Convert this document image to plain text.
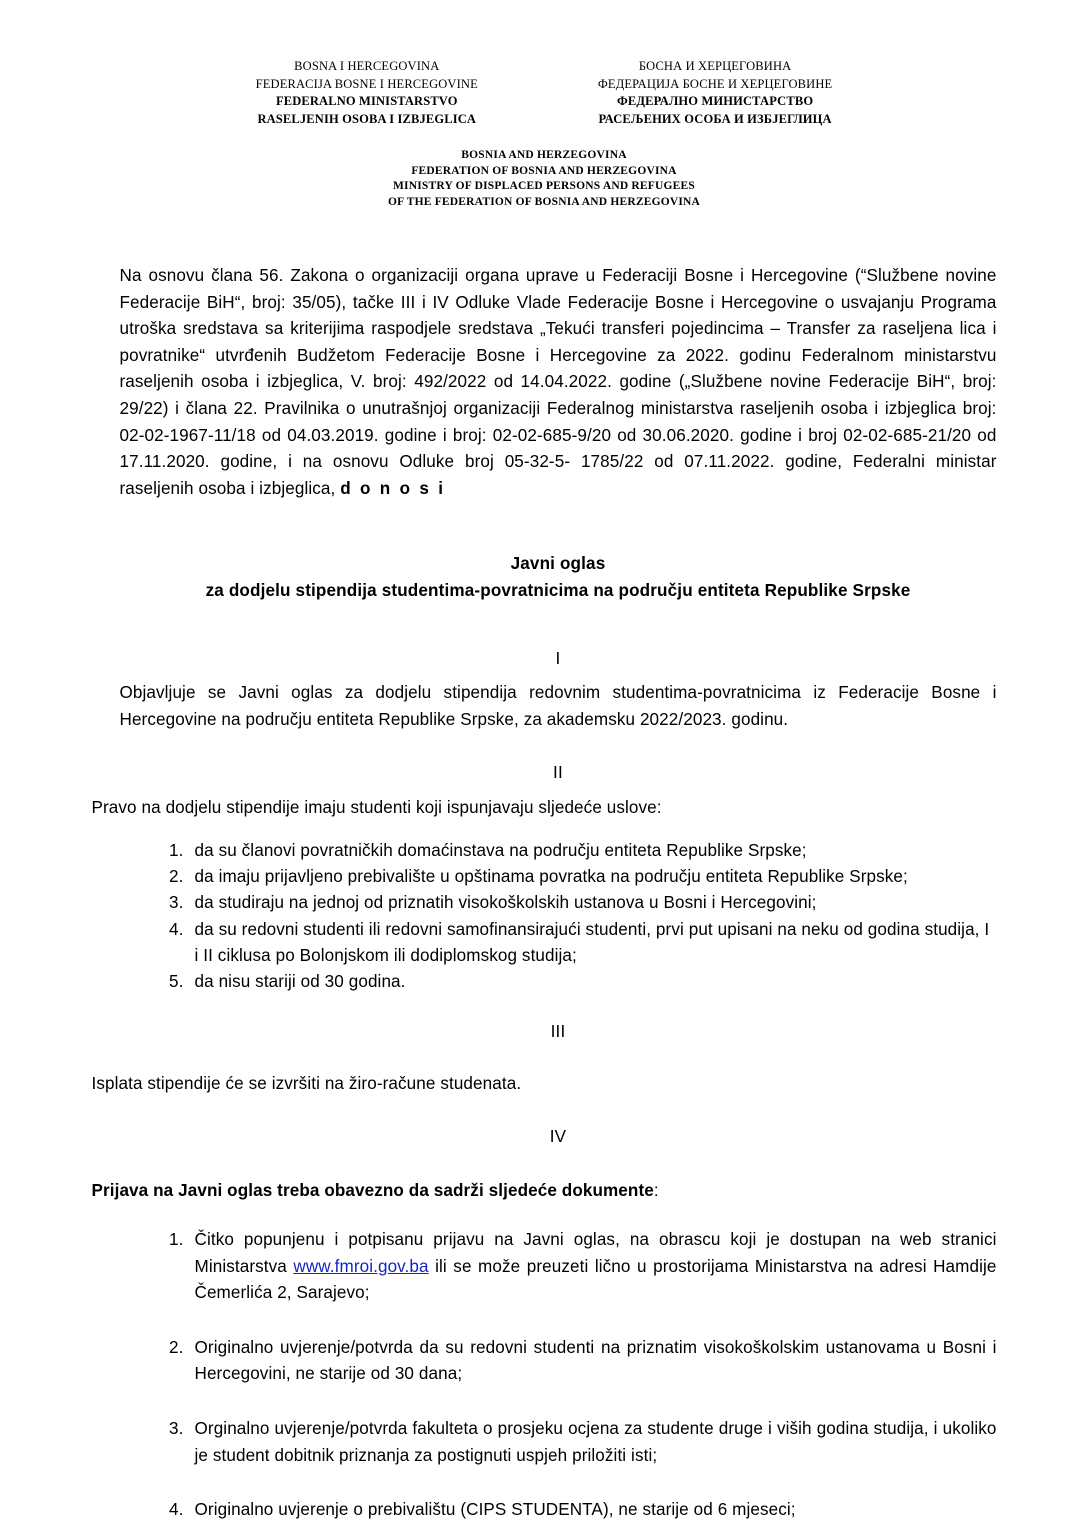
BOSNA I HERCEGOVINA
FEDERACIJA BOSNE I HERCEGOVINE
FEDERALNO MINISTARSTVO
RASELJENIH OSOBA I IZBJEGLICA
БОСНА И ХЕРЦЕГОВИНА
ФЕДЕРАЦИЈА БОСНЕ И ХЕРЦЕГОВИНЕ
ФЕДЕРАЛНО МИНИСТАРСТВО
РАСЕЉЕНИХ ОСОБА И ИЗБЈЕГЛИЦА
BOSNIA AND HERZEGOVINA
FEDERATION OF BOSNIA AND HERZEGOVINA
MINISTRY OF DISPLACED PERSONS AND REFUGEES
OF THE FEDERATION OF BOSNIA AND HERZEGOVINA

Na osnovu člana 56. Zakona o organizaciji organa uprave u Federaciji Bosne i Hercegovine (“Službene novine Federacije BiH“, broj: 35/05), tačke III i IV Odluke Vlade Federacije Bosne i Hercegovine o usvajanju Programa utroška sredstava sa kriterijima raspodjele sredstava „Tekući transferi pojedincima – Transfer za raseljena lica i povratnike“ utvrđenih Budžetom Federacije Bosne i Hercegovine za 2022. godinu Federalnom ministarstvu raseljenih osoba i izbjeglica, V. broj: 492/2022 od 14.04.2022. godine („Službene novine Federacije BiH“, broj: 29/22) i člana 22. Pravilnika o unutrašnjoj organizaciji Federalnog ministarstva raseljenih osoba i izbjeglica broj: 02-02-1967-11/18 od 04.03.2019. godine i broj: 02-02-685-9/20 od 30.06.2020. godine i broj 02-02-685-21/20 od 17.11.2020. godine, i na osnovu Odluke broj 05-32-5- 1785/22 od 07.11.2022. godine, Federalni ministar raseljenih osoba i izbjeglica, d o n o s i

Javni oglas
za dodjelu stipendija studentima-povratnicima na području entiteta Republike Srpske
I

Objavljuje se Javni oglas za dodjelu stipendija redovnim studentima-povratnicima iz Federacije Bosne i Hercegovine na području entiteta Republike Srpske, za akademsku 2022/2023. godinu.

II

Pravo na dodjelu stipendije imaju studenti koji ispunjavaju sljedeće uslove:

da su članovi povratničkih domaćinstava na području entiteta Republike Srpske;
da imaju prijavljeno prebivalište u opštinama povratka na području entiteta Republike Srpske;
da studiraju na jednoj od priznatih visokoškolskih ustanova u Bosni i Hercegovini;
da su redovni studenti ili redovni samofinansirajući studenti, prvi put upisani na neku od godina studija, I i II ciklusa po Bolonjskom ili dodiplomskog studija;
da nisu stariji od 30 godina.
III

Isplata stipendije će se izvršiti na žiro-račune studenata.

IV

Prijava na Javni oglas treba obavezno da sadrži sljedeće dokumente:

Čitko popunjenu i potpisanu prijavu na Javni oglas, na obrascu koji je dostupan na web stranici Ministarstva www.fmroi.gov.ba ili se može preuzeti lično u prostorijama Ministarstva na adresi Hamdije Čemerlića 2, Sarajevo;
Originalno uvjerenje/potvrda da su redovni studenti na priznatim visokoškolskim ustanovama u Bosni i Hercegovini, ne starije od 30 dana;
Orginalno uvjerenje/potvrda fakulteta o prosjeku ocjena za studente druge i viših godina studija, i ukoliko je student dobitnik priznanja za postignuti uspjeh priložiti isti;
Originalno uvjerenje o prebivalištu (CIPS STUDENTA), ne starije od 6 mjeseci;
